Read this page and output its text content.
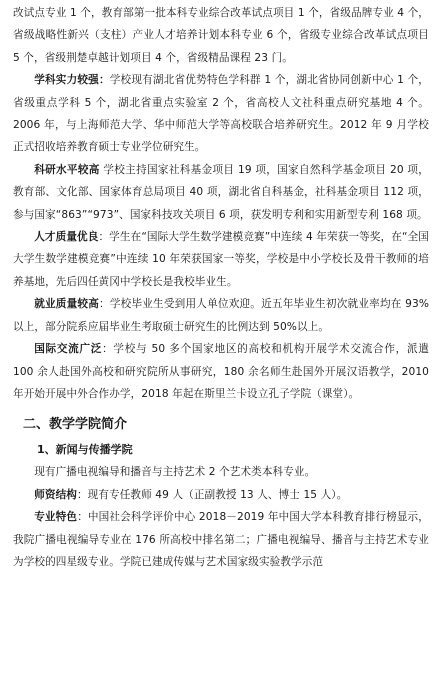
改试点专业 1 个，教育部第一批本科专业综合改革试点项目 1 个，省级品牌专业 4 个，省级战略性新兴（支柱）产业人才培养计划本科专业 6 个，省级专业综合改革试点项目 5 个，省级荆楚卓越计划项目 4 个，省级精品课程 23 门。

学科实力较强：学校现有湖北省优势特色学科群 1 个，湖北省协同创新中心 1 个，省级重点学科 5 个，湖北省重点实验室 2 个，省高校人文社科重点研究基地 4 个。2006 年，与上海师范大学、华中师范大学等高校联合培养研究生。2012 年 9 月学校正式招收培养教育硕士专业学位研究生。

科研水平较高 学校主持国家社科基金项目 19 项，国家自然科学基金项目 20 项，教育部、文化部、国家体育总局项目 40 项，湖北省自科基金，社科基金项目 112 项，参与国家“863”“973”、国家科技攻关项目 6 项，获发明专利和实用新型专利 168 项。

人才质量优良：学生在“国际大学生数学建模竞赛”中连续 4 年荣获一等奖，在“全国大学生数学建模竞赛”中连续 10 年荣获国家一等奖，学校是中小学校长及骨干教师的培养基地，先后四任黄冈中学校长是我校毕业生。

就业质量较高：学校毕业生受到用人单位欢迎。近五年毕业生初次就业率均在 93%以上，部分院系应届毕业生考取硕士研究生的比例达到 50%以上。

国际交流广泛：学校与 50 多个国家地区的高校和机构开展学术交流合作，派遣 100 余人赴国外高校和研究院所从事研究，180 余名师生赴国外开展汉语教学，2010 年开始开展中外合作办学，2018 年起在斯里兰卡设立孔子学院（课堂）。

二、教学学院简介
1、新闻与传播学院

现有广播电视编导和播音与主持艺术 2 个艺术类本科专业。

师资结构：现有专任教师 49 人（正副教授 13 人、博士 15 人）。

专业特色：中国社会科学评价中心 2018－2019 年中国大学本科教育排行榜显示，我院广播电视编导专业在 176 所高校中排名第二；广播电视编导、播音与主持艺术专业为学校的四星级专业。学院已建成传媒与艺术国家级实验教学示范
